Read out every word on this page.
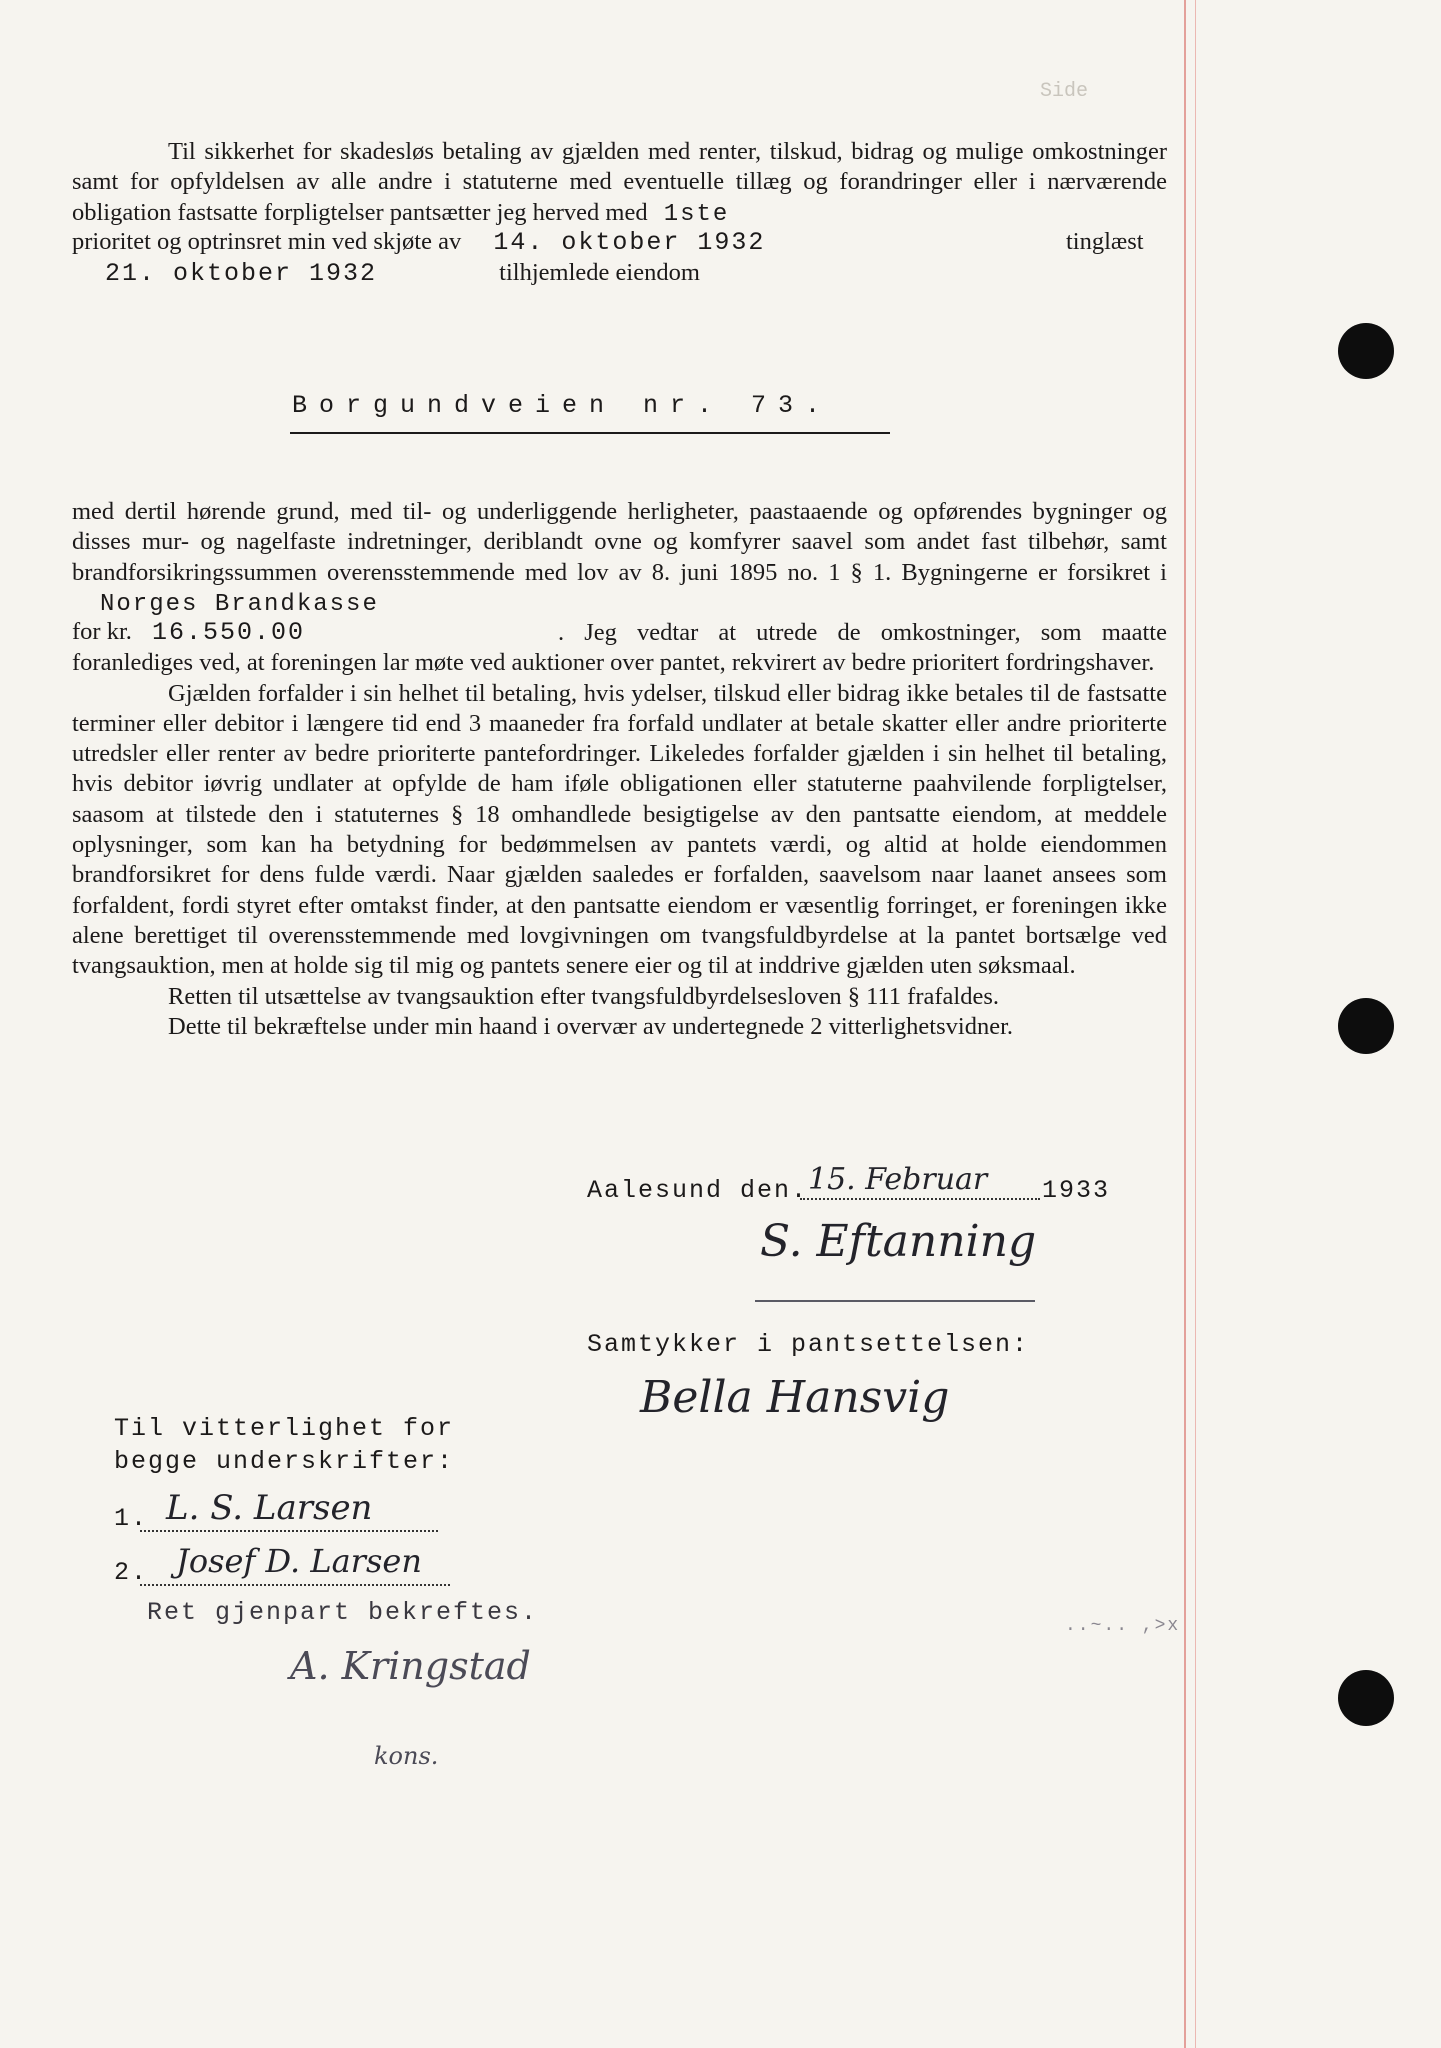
Side

Til sikkerhet for skadesløs betaling av gjælden med renter, tilskud, bidrag og mulige omkostninger samt for opfyldelsen av alle andre i statuterne med eventuelle tillæg og forandringer eller i nærværende obligation fastsatte forpligtelser pantsætter jeg herved med 1ste

prioritet og optrinsret min ved skjøte av 14. oktober 1932	tinglæst
21. oktober 1932	tilhjemlede eiendom
Borgundveien nr. 73.

med dertil hørende grund, med til- og underliggende herligheter, paastaaende og opførendes bygninger og disses mur- og nagelfaste indretninger, deriblandt ovne og komfyrer saavel som andet fast tilbehør, samt brandforsikringssummen overensstemmende med lov av 8. juni 1895 no. 1 § 1. Bygningerne er forsikret i Norges Brandkasse

for kr. 16.550.00	. Jeg vedtar at utrede de omkostninger, som maatte foranlediges ved, at foreningen lar møte ved auktioner over pantet, rekvirert av bedre prioritert fordringshaver.

Gjælden forfalder i sin helhet til betaling, hvis ydelser, tilskud eller bidrag ikke betales til de fastsatte terminer eller debitor i længere tid end 3 maaneder fra forfald undlater at betale skatter eller andre prioriterte utredsler eller renter av bedre prioriterte pantefordringer. Likeledes forfalder gjælden i sin helhet til betaling, hvis debitor iøvrig undlater at opfylde de ham iføle obligationen eller statuterne paahvilende forpligtelser, saasom at tilstede den i statuternes § 18 omhandlede besigtigelse av den pantsatte eiendom, at meddele oplysninger, som kan ha betydning for bedømmelsen av pantets værdi, og altid at holde eiendommen brandforsikret for dens fulde værdi. Naar gjælden saaledes er forfalden, saavelsom naar laanet ansees som forfaldent, fordi styret efter omtakst finder, at den pantsatte eiendom er væsentlig forringet, er foreningen ikke alene berettiget til overensstemmende med lovgivningen om tvangsfuldbyrdelse at la pantet bortsælge ved tvangsauktion, men at holde sig til mig og pantets senere eier og til at inddrive gjælden uten søksmaal.

Retten til utsættelse av tvangsauktion efter tvangsfuldbyrdelsesloven § 111 frafaldes.

Dette til bekræftelse under min haand i overvær av undertegnede 2 vitterlighetsvidner.

Aalesund den. 15. Februar 1933
S. Eftanning
Samtykker i pantsettelsen:
Bella Hansvig
Til vitterlighet for
begge underskrifter:
1. L. S. Larsen
2. Josef D. Larsen
Ret gjenpart bekreftes.
A. Kringstad
kons.
..~.. ,>x
